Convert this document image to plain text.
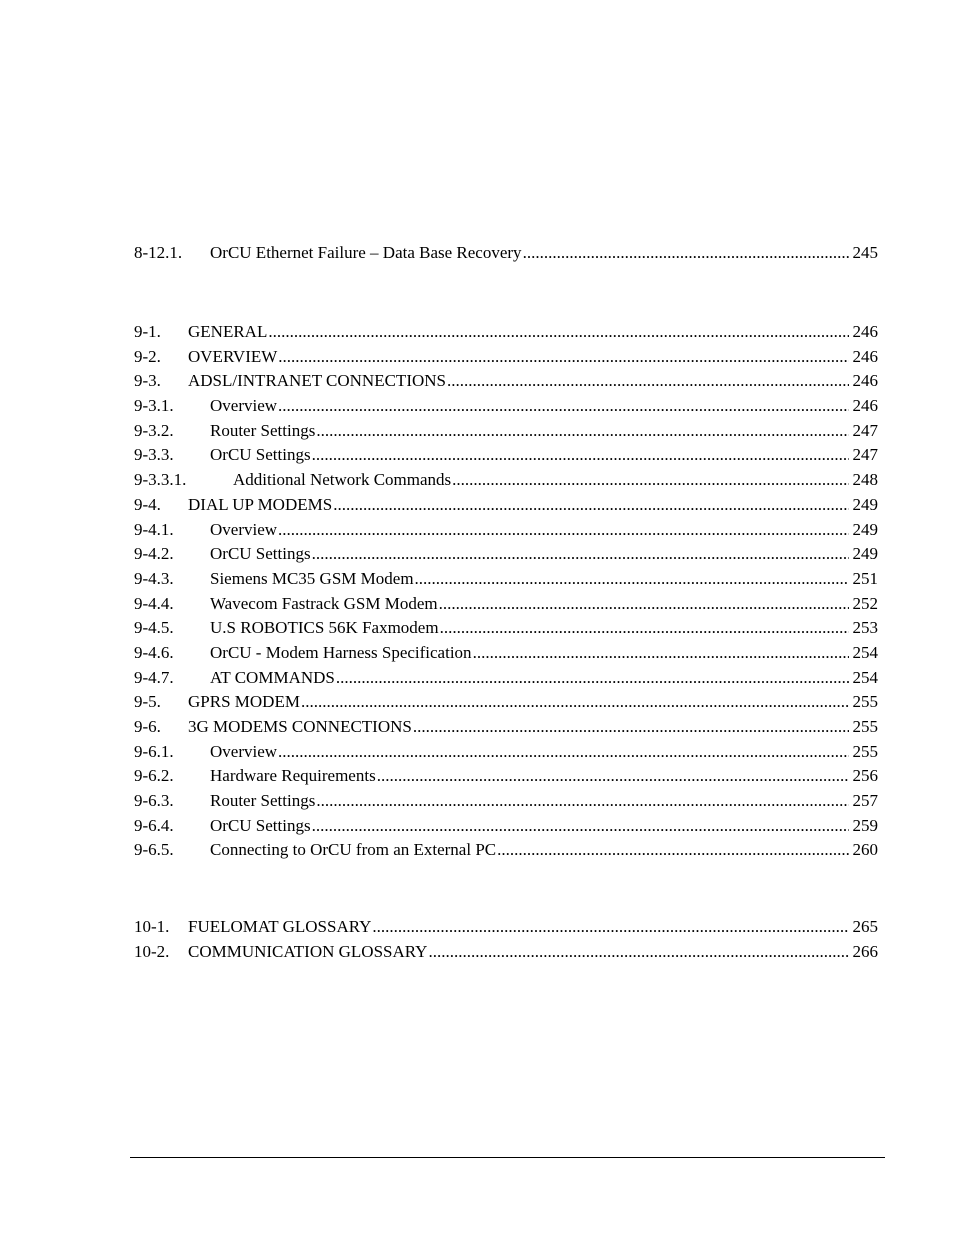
8-12.1. OrCU Ethernet Failure – Data Base Recovery .....	245
9-1. GENERAL .....	246
9-2. OVERVIEW .....	246
9-3. ADSL/INTRANET CONNECTIONS .....	246
9-3.1. Overview .....	246
9-3.2. Router Settings .....	247
9-3.3. OrCU Settings .....	247
9-3.3.1.	Additional Network Commands .....	248
9-4. DIAL UP MODEMS .....	249
9-4.1. Overview .....	249
9-4.2. OrCU Settings .....	249
9-4.3. Siemens MC35 GSM Modem .....	251
9-4.4. Wavecom Fastrack GSM Modem .....	252
9-4.5. U.S ROBOTICS 56K Faxmodem .....	253
9-4.6. OrCU - Modem Harness Specification .....	254
9-4.7. AT COMMANDS .....	254
9-5. GPRS MODEM .....	255
9-6. 3G MODEMS CONNECTIONS .....	255
9-6.1. Overview .....	255
9-6.2. Hardware Requirements .....	256
9-6.3. Router Settings .....	257
9-6.4. OrCU Settings .....	259
9-6.5. Connecting to OrCU from an External PC .....	260
10-1. FUELOMAT GLOSSARY .....	265
10-2. COMMUNICATION GLOSSARY .....	266
